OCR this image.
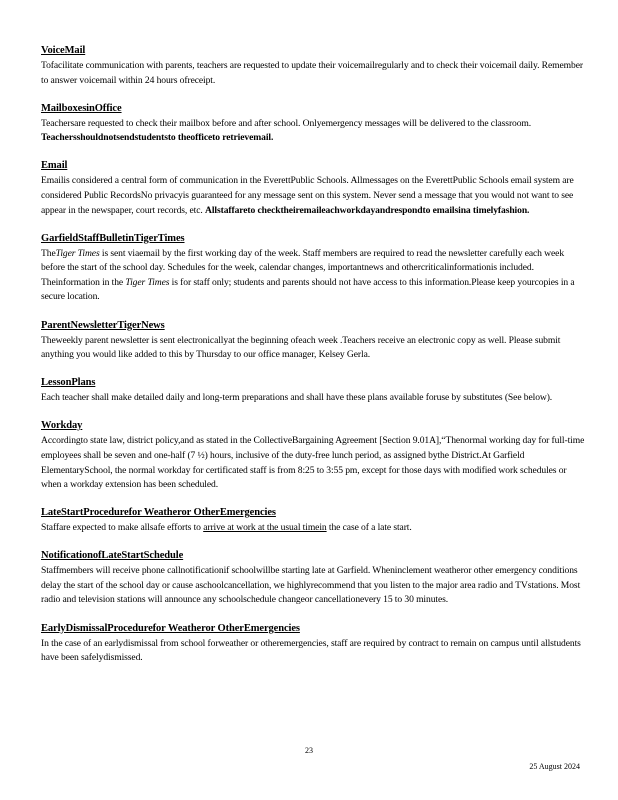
VoiceMail

Tofacilitate communication with parents, teachers are requested to update their voicemailregularly and to check their voicemail daily. Remember to answer voicemail within 24 hours ofreceipt.

MailboxesinOffice

Teachersare requested to check their mailbox before and after school. Onlyemergency messages will be delivered to the classroom. Teachersshouldnotsendstudentsto theofficeto retrievemail.

Email

Emailis considered a central form of communication in the EverettPublic Schools. Allmessages on the EverettPublic Schools email system are considered Public RecordsNo privacyis guaranteed for any message sent on this system. Never send a message that you would not want to see appear in the newspaper, court records, etc. Allstaffareto checktheiremaileachworkdayandrespondto emailsina timelyfashion.

GarfieldStaffBulletinTigerTimes

TheTiger Times is sent viaemail by the first working day of the week. Staff members are required to read the newsletter carefully each week before the start of the school day. Schedules for the week, calendar changes, importantnews and othercriticalinformationis included. Theinformation in the Tiger Times is for staff only; students and parents should not have access to this information.Please keep yourcopies in a secure location.

ParentNewsletterTigerNews

Theweekly parent newsletter is sent electronicallyat the beginning ofeach week .Teachers receive an electronic copy as well. Please submit anything you would like added to this by Thursday to our office manager, Kelsey Gerla.

LessonPlans

Each teacher shall make detailed daily and long-term preparations and shall have these plans available foruse by substitutes (See below).

Workday

Accordingto state law, district policy,and as stated in the CollectiveBargaining Agreement [Section 9.01A],“Thenormal working day for full-time employees shall be seven and one-half (7 ½) hours, inclusive of the duty-free lunch period, as assigned bythe District.At Garfield ElementarySchool, the normal workday for certificated staff is from 8:25 to 3:55 pm, except for those days with modified work schedules or when a workday extension has been scheduled.

LateStartProcedurefor Weatheror OtherEmergencies

Staffare expected to make allsafe efforts to arrive at work at the usual timein the case of a late start.

NotificationofLateStartSchedule

Staffmembers will receive phone callnotificationif schoolwillbe starting late at Garfield. Wheninclement weatheror other emergency conditions delay the start of the school day or cause aschoolcancellation, we highlyrecommend that you listen to the major area radio and TVstations. Most radio and television stations will announce any schoolschedule changeor cancellationevery 15 to 30 minutes.

EarlyDismissalProcedurefor Weatheror OtherEmergencies

In the case of an earlydismissal from school forweather or otheremergencies, staff are required by contract to remain on campus until allstudents have been safelydismissed.

23
25 August 2024
